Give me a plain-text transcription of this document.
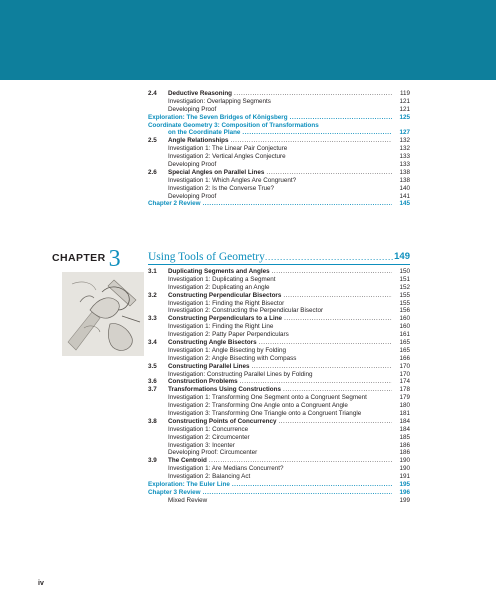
2.4	Deductive Reasoning . . .	119
Investigation: Overlapping Segments	121
Developing Proof	121
Exploration: The Seven Bridges of Königsberg . . .	125
Coordinate Geometry 3: Composition of Transformations
on the Coordinate Plane . . .	127
2.5	Angle Relationships . . .	132
Investigation 1: The Linear Pair Conjecture	132
Investigation 2: Vertical Angles Conjecture	133
Developing Proof	133
2.6	Special Angles on Parallel Lines . . .	138
Investigation 1: Which Angles Are Congruent?	138
Investigation 2: Is the Converse True?	140
Developing Proof	141
Chapter 2 Review . . .	145
CHAPTER 3 Using Tools of Geometry . . .	149
3.1	Duplicating Segments and Angles . . .	150
Investigation 1: Duplicating a Segment	151
Investigation 2: Duplicating an Angle	152
3.2	Constructing Perpendicular Bisectors . . .	155
Investigation 1: Finding the Right Bisector	155
Investigation 2: Constructing the Perpendicular Bisector	156
3.3	Constructing Perpendiculars to a Line . . .	160
Investigation 1: Finding the Right Line	160
Investigation 2: Patty Paper Perpendiculars	161
3.4	Constructing Angle Bisectors . . .	165
Investigation 1: Angle Bisecting by Folding	165
Investigation 2: Angle Bisecting with Compass	166
3.5	Constructing Parallel Lines . . .	170
Investigation: Constructing Parallel Lines by Folding	170
3.6	Construction Problems . . .	174
3.7	Transformations Using Constructions . . .	178
Investigation 1: Transforming One Segment onto a Congruent Segment	179
Investigation 2: Transforming One Angle onto a Congruent Angle	180
Investigation 3: Transforming One Triangle onto a Congruent Triangle	181
3.8	Constructing Points of Concurrency . . .	184
Investigation 1: Concurrence	184
Investigation 2: Circumcenter	185
Investigation 3: Incenter	186
Developing Proof: Circumcenter	186
3.9	The Centroid . . .	190
Investigation 1: Are Medians Concurrent?	190
Investigation 2: Balancing Act	191
Exploration: The Euler Line . . .	195
Chapter 3 Review . . .	196
Mixed Review	199
iv
